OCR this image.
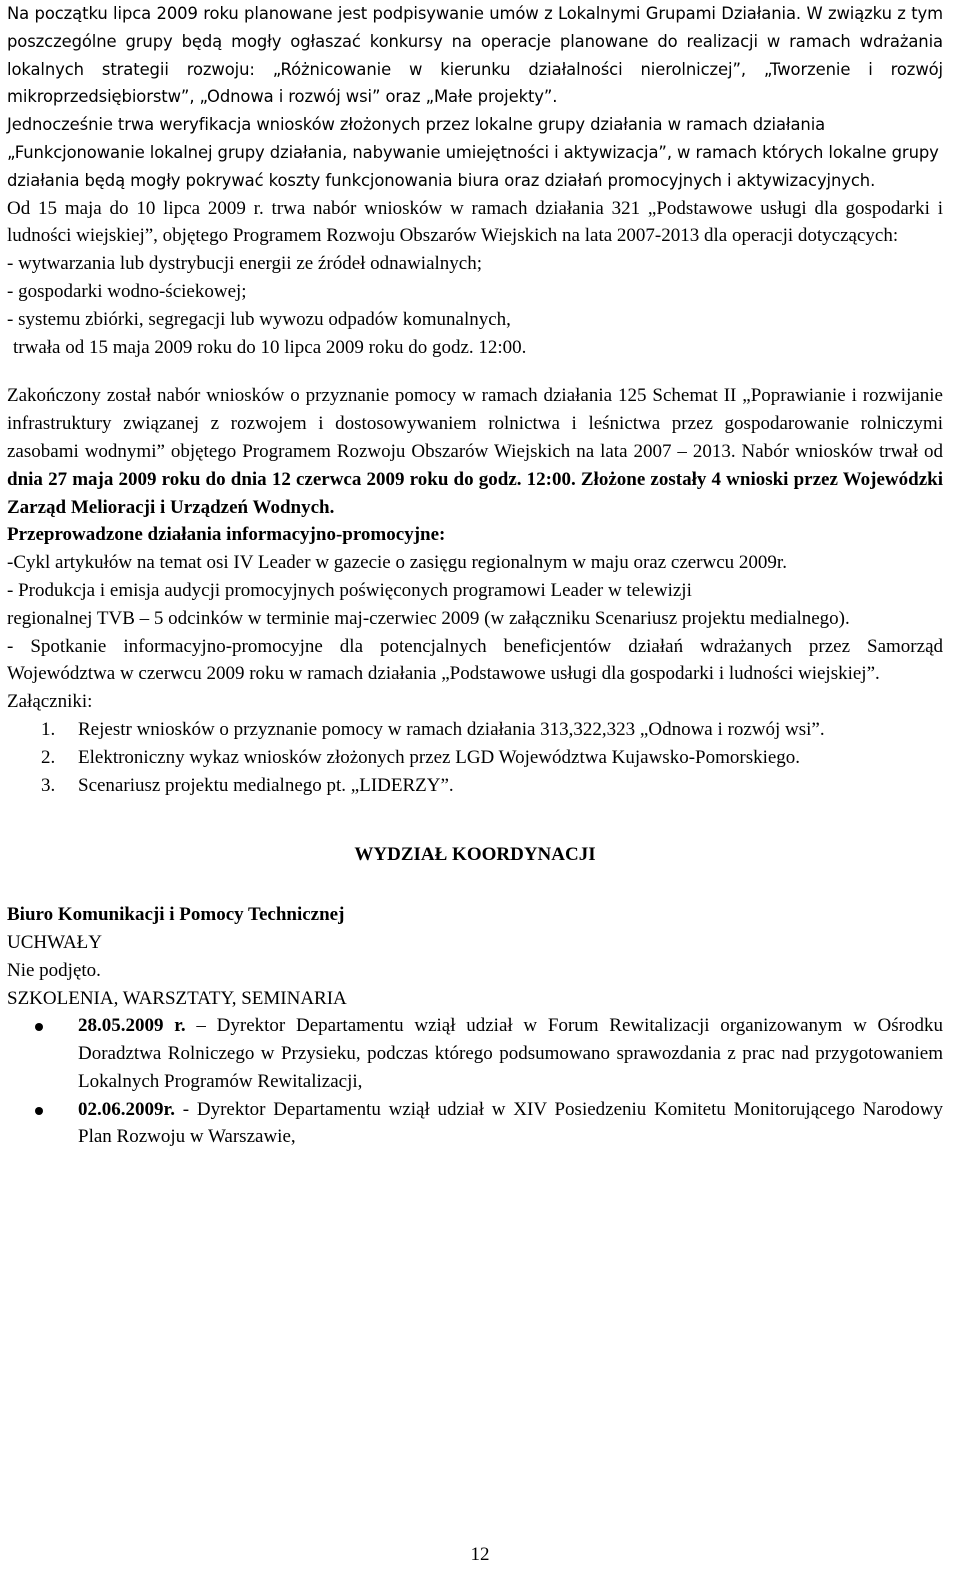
Na początku lipca 2009 roku planowane jest podpisywanie umów z Lokalnymi Grupami Działania. W związku z tym poszczególne grupy będą mogły ogłaszać konkursy na operacje planowane do realizacji w ramach wdrażania lokalnych strategii rozwoju: „Różnicowanie w kierunku działalności nierolniczej”, „Tworzenie i rozwój mikroprzedsiębiorstw”, „Odnowa i rozwój wsi” oraz „Małe projekty”.

Jednocześnie trwa weryfikacja wniosków złożonych przez lokalne grupy działania w ramach działania „Funkcjonowanie lokalnej grupy działania, nabywanie umiejętności i aktywizacja”, w ramach których lokalne grupy działania będą mogły pokrywać koszty funkcjonowania biura oraz działań promocyjnych i aktywizacyjnych.

Od 15 maja do 10 lipca 2009 r. trwa nabór wniosków w ramach działania 321 „Podstawowe usługi dla gospodarki i ludności wiejskiej”, objętego Programem Rozwoju Obszarów Wiejskich na lata 2007-2013 dla operacji dotyczących:

- wytwarzania lub dystrybucji energii ze źródeł odnawialnych;

- gospodarki wodno-ściekowej;

- systemu zbiórki, segregacji lub wywozu odpadów komunalnych,

trwała od 15 maja 2009 roku do 10 lipca 2009 roku do godz. 12:00.

Zakończony został nabór wniosków o przyznanie pomocy w ramach działania 125 Schemat II „Poprawianie i rozwijanie infrastruktury związanej z rozwojem i dostosowywaniem rolnictwa i leśnictwa przez gospodarowanie rolniczymi zasobami wodnymi” objętego Programem Rozwoju Obszarów Wiejskich na lata 2007 – 2013. Nabór wniosków trwał od dnia 27 maja 2009 roku do dnia 12 czerwca 2009 roku do godz. 12:00. Złożone zostały 4 wnioski przez Wojewódzki Zarząd Melioracji i Urządzeń Wodnych.

Przeprowadzone działania informacyjno-promocyjne:

-Cykl artykułów na temat osi IV Leader w gazecie o zasięgu regionalnym w maju oraz czerwcu 2009r.

- Produkcja i emisja audycji promocyjnych poświęconych programowi Leader w telewizji

regionalnej TVB – 5 odcinków w terminie maj-czerwiec 2009 (w załączniku Scenariusz projektu medialnego).

- Spotkanie informacyjno-promocyjne dla potencjalnych beneficjentów działań wdrażanych przez Samorząd Województwa w czerwcu 2009 roku w ramach działania „Podstawowe usługi dla gospodarki i ludności wiejskiej”.

Załączniki:

1. Rejestr wniosków o przyznanie pomocy w ramach działania 313,322,323 „Odnowa i rozwój wsi”.
2. Elektroniczny wykaz wniosków złożonych przez LGD Województwa Kujawsko-Pomorskiego.
3. Scenariusz projektu medialnego pt. „LIDERZY”.
WYDZIAŁ KOORDYNACJI

Biuro Komunikacji i Pomocy Technicznej

UCHWAŁY

Nie podjęto.

SZKOLENIA, WARSZTATY, SEMINARIA

28.05.2009 r. – Dyrektor Departamentu wziął udział w Forum Rewitalizacji organizowanym w Ośrodku Doradztwa Rolniczego w Przysieku, podczas którego podsumowano sprawozdania z prac nad przygotowaniem Lokalnych Programów Rewitalizacji,
02.06.2009r. - Dyrektor Departamentu wziął udział w XIV Posiedzeniu Komitetu Monitorującego Narodowy Plan Rozwoju w Warszawie,
12
